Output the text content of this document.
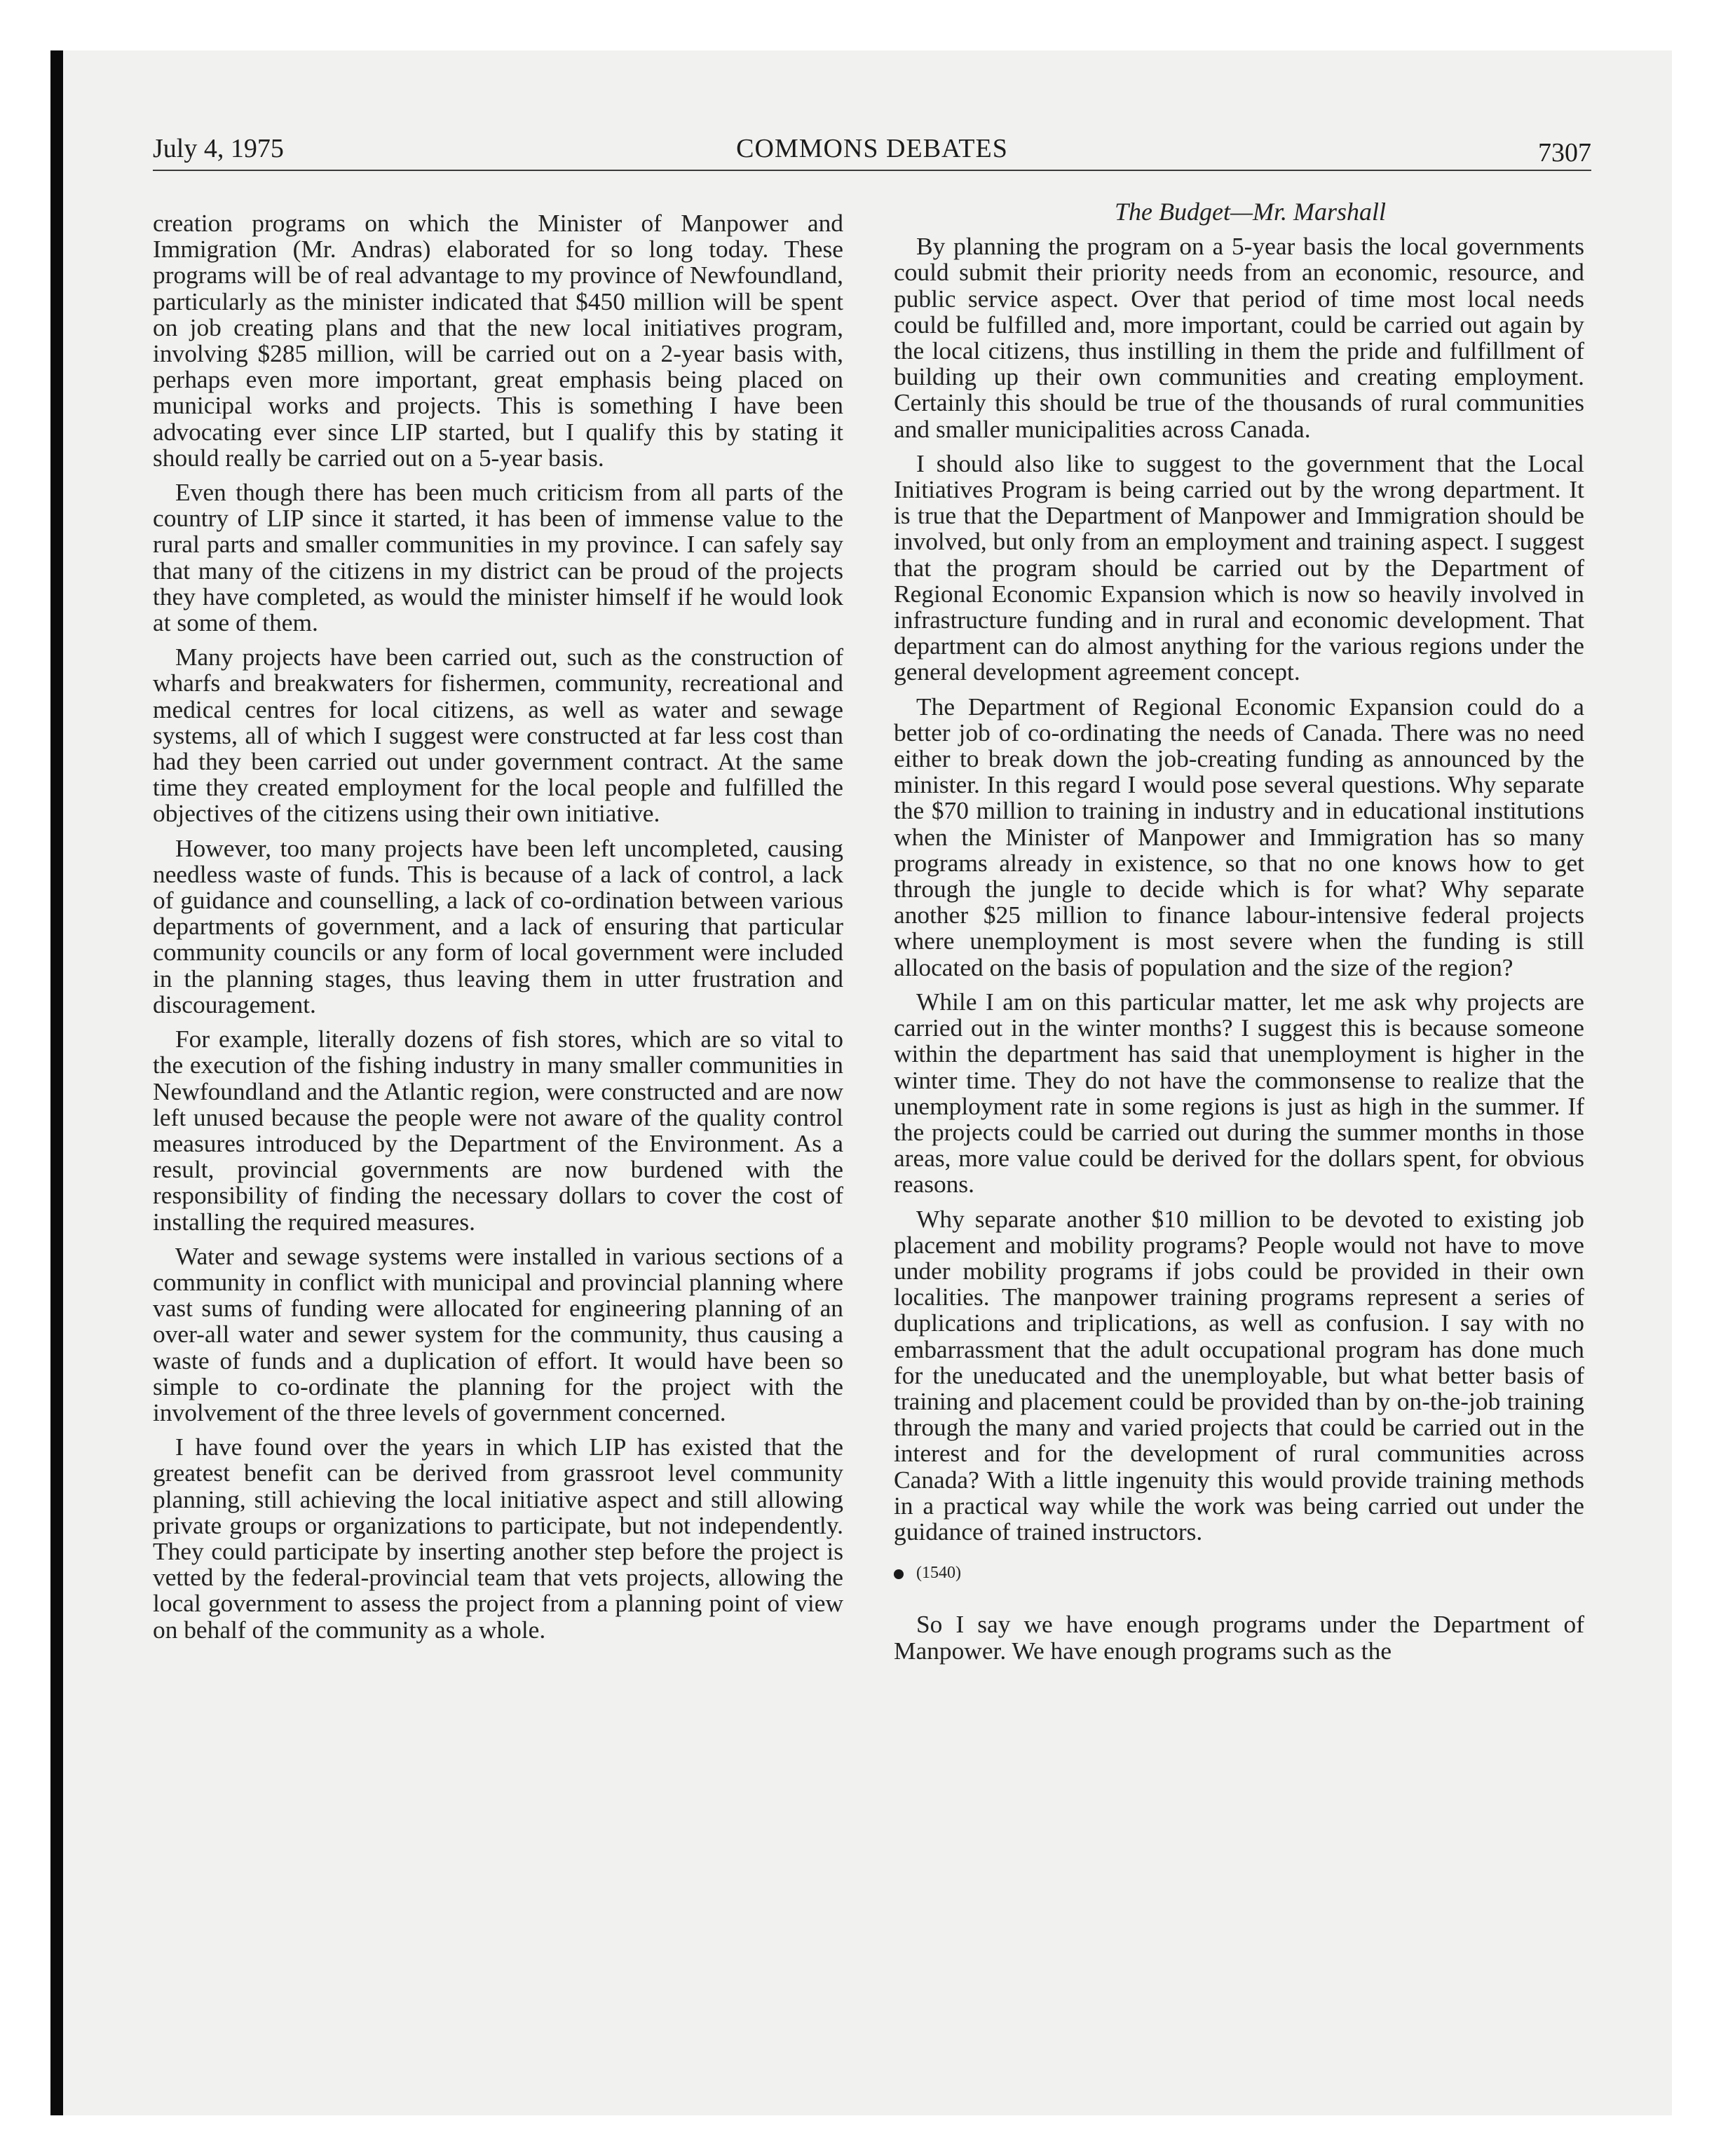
July 4, 1975	COMMONS DEBATES	7307

creation programs on which the Minister of Manpower and Immigration (Mr. Andras) elaborated for so long today. These programs will be of real advantage to my province of Newfoundland, particularly as the minister indicated that $450 million will be spent on job creating plans and that the new local initiatives program, involving $285 million, will be carried out on a 2-year basis with, perhaps even more important, great emphasis being placed on municipal works and projects. This is something I have been advocating ever since LIP started, but I qualify this by stating it should really be carried out on a 5-year basis.

Even though there has been much criticism from all parts of the country of LIP since it started, it has been of immense value to the rural parts and smaller communities in my province. I can safely say that many of the citizens in my district can be proud of the projects they have completed, as would the minister himself if he would look at some of them.

Many projects have been carried out, such as the construction of wharfs and breakwaters for fishermen, community, recreational and medical centres for local citizens, as well as water and sewage systems, all of which I suggest were constructed at far less cost than had they been carried out under government contract. At the same time they created employment for the local people and fulfilled the objectives of the citizens using their own initiative.

However, too many projects have been left uncompleted, causing needless waste of funds. This is because of a lack of control, a lack of guidance and counselling, a lack of co-ordination between various departments of government, and a lack of ensuring that particular community councils or any form of local government were included in the planning stages, thus leaving them in utter frustration and discouragement.

For example, literally dozens of fish stores, which are so vital to the execution of the fishing industry in many smaller communities in Newfoundland and the Atlantic region, were constructed and are now left unused because the people were not aware of the quality control measures introduced by the Department of the Environment. As a result, provincial governments are now burdened with the responsibility of finding the necessary dollars to cover the cost of installing the required measures.

Water and sewage systems were installed in various sections of a community in conflict with municipal and provincial planning where vast sums of funding were allocated for engineering planning of an over-all water and sewer system for the community, thus causing a waste of funds and a duplication of effort. It would have been so simple to co-ordinate the planning for the project with the involvement of the three levels of government concerned.

I have found over the years in which LIP has existed that the greatest benefit can be derived from grassroot level community planning, still achieving the local initiative aspect and still allowing private groups or organizations to participate, but not independently. They could participate by inserting another step before the project is vetted by the federal-provincial team that vets projects, allowing the local government to assess the project from a planning point of view on behalf of the community as a whole.

The Budget—Mr. Marshall

By planning the program on a 5-year basis the local governments could submit their priority needs from an economic, resource, and public service aspect. Over that period of time most local needs could be fulfilled and, more important, could be carried out again by the local citizens, thus instilling in them the pride and fulfillment of building up their own communities and creating employment. Certainly this should be true of the thousands of rural communities and smaller municipalities across Canada.

I should also like to suggest to the government that the Local Initiatives Program is being carried out by the wrong department. It is true that the Department of Manpower and Immigration should be involved, but only from an employment and training aspect. I suggest that the program should be carried out by the Department of Regional Economic Expansion which is now so heavily involved in infrastructure funding and in rural and economic development. That department can do almost anything for the various regions under the general development agreement concept.

The Department of Regional Economic Expansion could do a better job of co-ordinating the needs of Canada. There was no need either to break down the job-creating funding as announced by the minister. In this regard I would pose several questions. Why separate the $70 million to training in industry and in educational institutions when the Minister of Manpower and Immigration has so many programs already in existence, so that no one knows how to get through the jungle to decide which is for what? Why separate another $25 million to finance labour-intensive federal projects where unemployment is most severe when the funding is still allocated on the basis of population and the size of the region?

While I am on this particular matter, let me ask why projects are carried out in the winter months? I suggest this is because someone within the department has said that unemployment is higher in the winter time. They do not have the commonsense to realize that the unemployment rate in some regions is just as high in the summer. If the projects could be carried out during the summer months in those areas, more value could be derived for the dollars spent, for obvious reasons.

Why separate another $10 million to be devoted to existing job placement and mobility programs? People would not have to move under mobility programs if jobs could be provided in their own localities. The manpower training programs represent a series of duplications and triplications, as well as confusion. I say with no embarrassment that the adult occupational program has done much for the uneducated and the unemployable, but what better basis of training and placement could be provided than by on-the-job training through the many and varied projects that could be carried out in the interest and for the development of rural communities across Canada? With a little ingenuity this would provide training methods in a practical way while the work was being carried out under the guidance of trained instructors.

(1540)

So I say we have enough programs under the Department of Manpower. We have enough programs such as the
